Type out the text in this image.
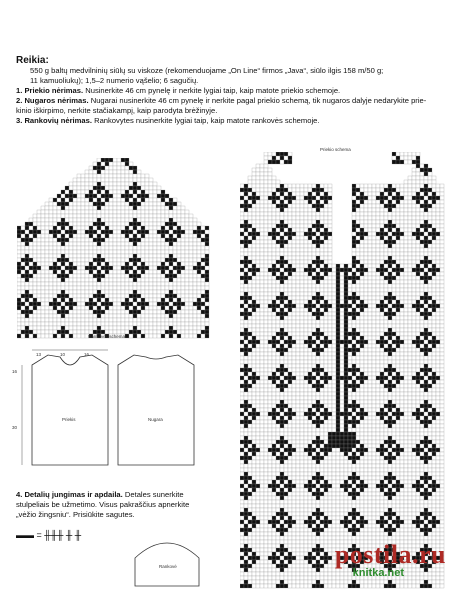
Reikia:
550 g baltų medvilninių siūlų su viskoze (rekomenduojame „On Line“ firmos „Java“, siūlo ilgis 158 m/50 g;
11 kamuoliukų); 1,5–2 numerio vąšelio; 6 sagučių.
1. Priekio nėrimas. Nusinerkite 46 cm pynelę ir nerkite lygiai taip, kaip matote priekio schemoje.
2. Nugaros nėrimas. Nugarai nusinerkite 46 cm pynelę ir nerkite pagal priekio schemą, tik nugaros dalyje nedarykite prie-
kinio iškirpimo, nerkite stačiakampį, kaip parodyta brėžinyje.
3. Rankovių nėrimas. Rankovytes nusinerkite lygiai taip, kaip matote rankovės schemoje.
Rankovės schema
Priekio schema
13	10	16
16
30
Priekis	Nugara
4. Detalių jungimas ir apdaila. Detales sunerkite
stulpeliais be užmetimo. Visus pakraščius apnerkite
„vėžio žingsniu“. Prisiūkite sagutes.
▬▬ = ╫╫╫ ╫ ╫
Rankovė	postila.ru
knitka.net
